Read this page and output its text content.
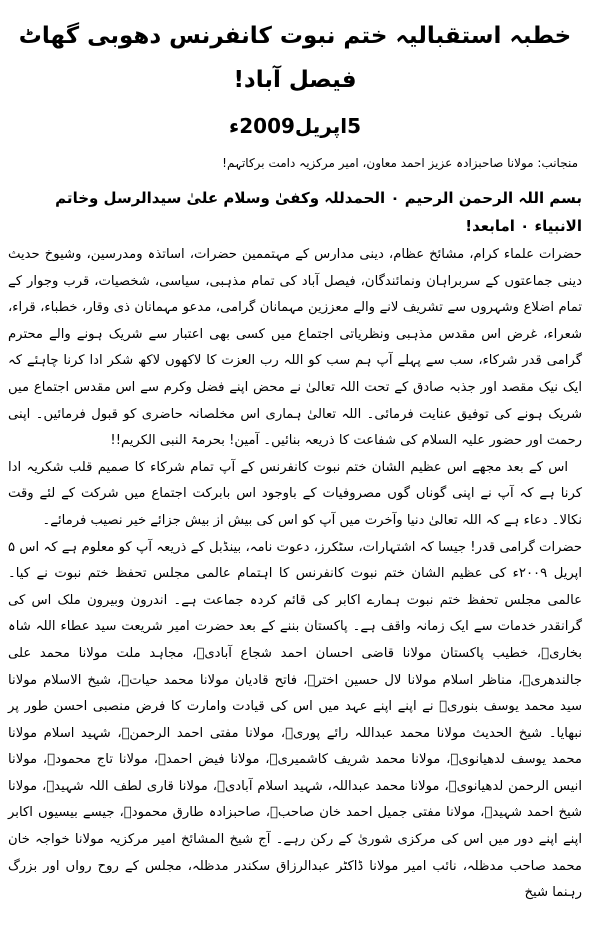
خطبہ استقبالیہ ختم نبوت کانفرنس دھوبی گھاٹ فیصل آباد!
5اپریل2009ء
منجانب: مولانا صاحبزادہ عزیز احمد معاون، امیر مرکزیہ دامت برکاتہم!
بسم اللہ الرحمن الرحیم ۰ الحمدللہ وکفیٰ وسلام علیٰ سیدالرسل وخاتم الانبیاء ۰ امابعد!

حضرات علماء کرام، مشائخ عظام، دینی مدارس کے مہتممین حضرات، اساتذہ ومدرسین، وشیوخ حدیث دینی جماعتوں کے سربراہان ونمائندگان، فیصل آباد کی تمام مذہبی، سیاسی، شخصیات، قرب وجوار کے تمام اضلاع وشہروں سے تشریف لانے والے معززین مہمانان گرامی، مدعو مہمانان ذی وقار، خطباء، قراء، شعراء، غرض اس مقدس مذہبی ونظریاتی اجتماع میں کسی بھی اعتبار سے شریک ہونے والے محترم گرامی قدر شرکاء، سب سے پہلے آپ ہم سب کو اللہ رب العزت کا لاکھوں لاکھ شکر ادا کرنا چاہئے کہ ایک نیک مقصد اور جذبہ صادق کے تحت اللہ تعالیٰ نے محض اپنے فضل وکرم سے اس مقدس اجتماع میں شریک ہونے کی توفیق عنایت فرمائی۔ اللہ تعالیٰ ہماری اس مخلصانہ حاضری کو قبول فرمائیں۔ اپنی رحمت اور حضور علیہ السلام کی شفاعت کا ذریعہ بنائیں۔ آمین! بحرمۃ النبی الکریم!!

اس کے بعد مجھے اس عظیم الشان ختم نبوت کانفرنس کے آپ تمام شرکاء کا صمیم قلب شکریہ ادا کرنا ہے کہ آپ نے اپنی گوناں گوں مصروفیات کے باوجود اس بابرکت اجتماع میں شرکت کے لئے وقت نکالا۔ دعاء ہے کہ اللہ تعالیٰ دنیا وآخرت میں آپ کو اس کی بیش از بیش جزائے خیر نصیب فرمائے۔

حضرات گرامی قدر! جیسا کہ اشتہارات، سٹکرز، دعوت نامہ، بینڈبل کے ذریعہ آپ کو معلوم ہے کہ اس ۵ اپریل ۲۰۰۹ء کی عظیم الشان ختم نبوت کانفرنس کا اہتمام عالمی مجلس تحفظ ختم نبوت نے کیا۔ عالمی مجلس تحفظ ختم نبوت ہمارے اکابر کی قائم کردہ جماعت ہے۔ اندرون وبیرون ملک اس کی گرانقدر خدمات سے ایک زمانہ واقف ہے۔ پاکستان بننے کے بعد حضرت امیر شریعت سید عطاء اللہ شاہ بخاریؒ، خطیب پاکستان مولانا قاضی احسان احمد شجاع آبادیؒ، مجاہد ملت مولانا محمد علی جالندھریؒ، مناظر اسلام مولانا لال حسین اخترؒ، فاتح قادیان مولانا محمد حیاتؒ، شیخ الاسلام مولانا سید محمد یوسف بنوریؒ نے اپنے اپنے عہد میں اس کی قیادت وامارت کا فرض منصبی احسن طور پر نبھایا۔ شیخ الحدیث مولانا محمد عبداللہ رائے پوریؒ، مولانا مفتی احمد الرحمنؒ، شہید اسلام مولانا محمد یوسف لدھیانویؒ، مولانا محمد شریف کاشمیریؒ، مولانا فیض احمدؒ، مولانا تاج محمودؒ، مولانا انیس الرحمن لدھیانویؒ، مولانا محمد عبداللہ، شہید اسلام آبادیؒ، مولانا قاری لطف اللہ شہیدؒ، مولانا شیخ احمد شہیدؒ، مولانا مفتی جمیل احمد خان صاحبؒ، صاحبزادہ طارق محمودؒ، جیسے بیسیوں اکابر اپنے اپنے دور میں اس کی مرکزی شوریٰ کے رکن رہے۔ آج شیخ المشائخ امیر مرکزیہ مولانا خواجہ خان محمد صاحب مدظلہ، نائب امیر مولانا ڈاکٹر عبدالرزاق سکندر مدظلہ، مجلس کے روح رواں اور بزرگ رہنما شیخ
